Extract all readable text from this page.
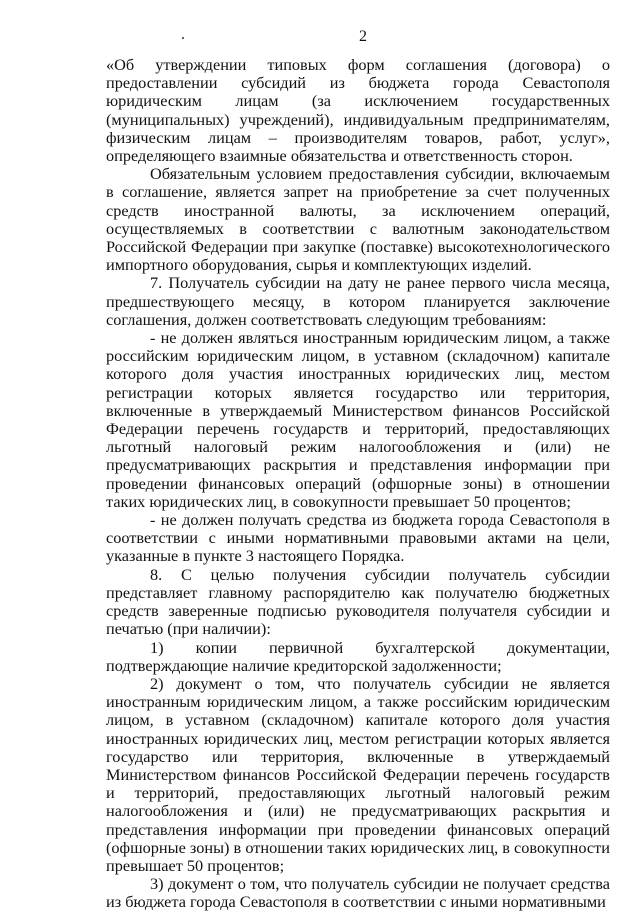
2

«Об утверждении типовых форм соглашения (договора) о предоставлении субсидий из бюджета города Севастополя юридическим лицам (за исключением государственных (муниципальных) учреждений), индивидуальным предпринимателям, физическим лицам – производителям товаров, работ, услуг», определяющего взаимные обязательства и ответственность сторон.

Обязательным условием предоставления субсидии, включаемым в соглашение, является запрет на приобретение за счет полученных средств иностранной валюты, за исключением операций, осуществляемых в соответствии с валютным законодательством Российской Федерации при закупке (поставке) высокотехнологического импортного оборудования, сырья и комплектующих изделий.

7. Получатель субсидии на дату не ранее первого числа месяца, предшествующего месяцу, в котором планируется заключение соглашения, должен соответствовать следующим требованиям:

- не должен являться иностранным юридическим лицом, а также российским юридическим лицом, в уставном (складочном) капитале которого доля участия иностранных юридических лиц, местом регистрации которых является государство или территория, включенные в утверждаемый Министерством финансов Российской Федерации перечень государств и территорий, предоставляющих льготный налоговый режим налогообложения и (или) не предусматривающих раскрытия и представления информации при проведении финансовых операций (офшорные зоны) в отношении таких юридических лиц, в совокупности превышает 50 процентов;

- не должен получать средства из бюджета города Севастополя в соответствии с иными нормативными правовыми актами на цели, указанные в пункте 3 настоящего Порядка.

8. С целью получения субсидии получатель субсидии представляет главному распорядителю как получателю бюджетных средств заверенные подписью руководителя получателя субсидии и печатью (при наличии):

1) копии первичной бухгалтерской документации, подтверждающие наличие кредиторской задолженности;

2) документ о том, что получатель субсидии не является иностранным юридическим лицом, а также российским юридическим лицом, в уставном (складочном) капитале которого доля участия иностранных юридических лиц, местом регистрации которых является государство или территория, включенные в утверждаемый Министерством финансов Российской Федерации перечень государств и территорий, предоставляющих льготный налоговый режим налогообложения и (или) не предусматривающих раскрытия и представления информации при проведении финансовых операций (офшорные зоны) в отношении таких юридических лиц, в совокупности превышает 50 процентов;

3) документ о том, что получатель субсидии не получает средства из бюджета города Севастополя в соответствии с иными нормативными
